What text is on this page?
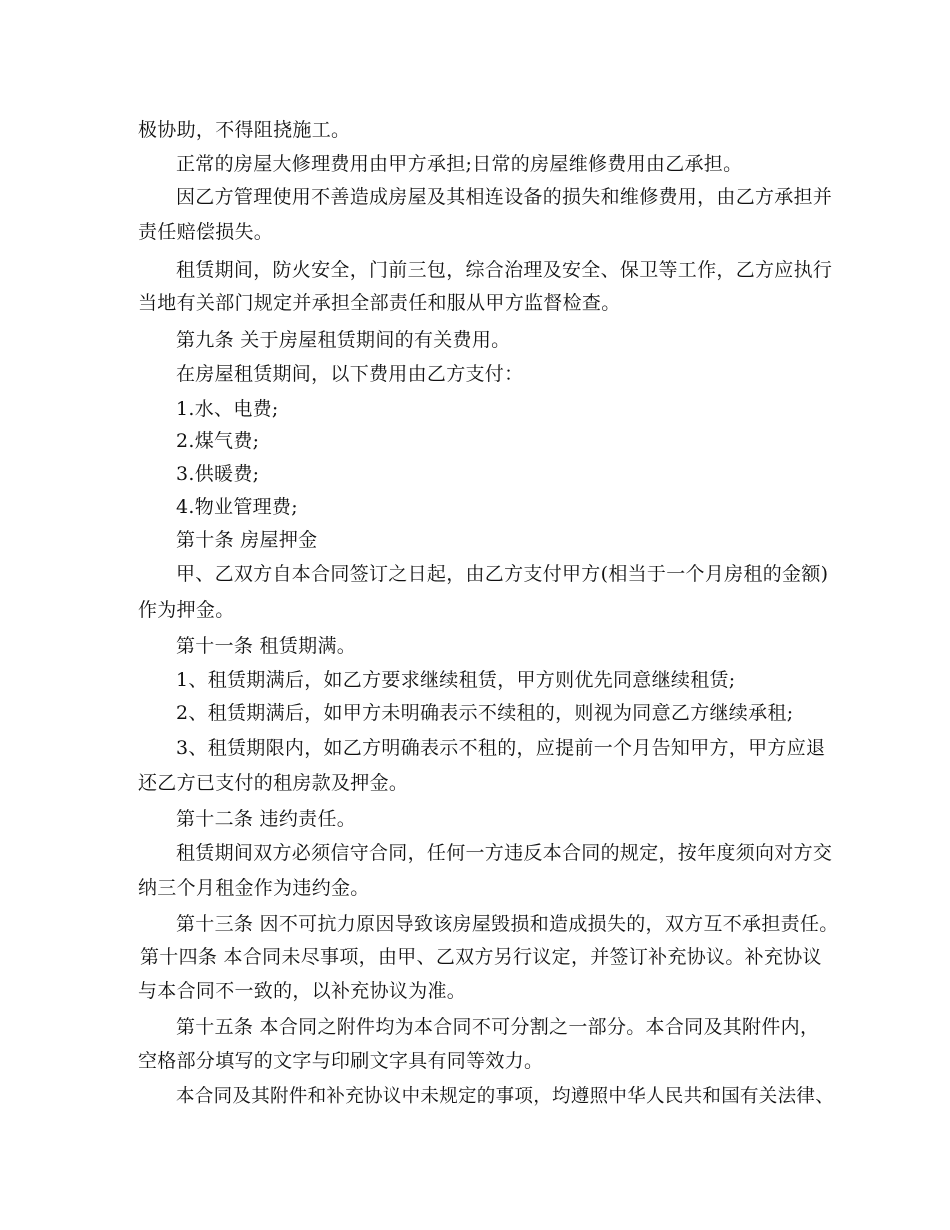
极协助，不得阻挠施工。
正常的房屋大修理费用由甲方承担;日常的房屋维修费用由乙承担。
因乙方管理使用不善造成房屋及其相连设备的损失和维修费用，由乙方承担并
责任赔偿损失。
租赁期间，防火安全，门前三包，综合治理及安全、保卫等工作，乙方应执行
当地有关部门规定并承担全部责任和服从甲方监督检查。
第九条 关于房屋租赁期间的有关费用。
在房屋租赁期间，以下费用由乙方支付：
1.水、电费;
2.煤气费;
3.供暖费;
4.物业管理费;
第十条 房屋押金
甲、乙双方自本合同签订之日起，由乙方支付甲方(相当于一个月房租的金额)
作为押金。
第十一条 租赁期满。
1、租赁期满后，如乙方要求继续租赁，甲方则优先同意继续租赁;
2、租赁期满后，如甲方未明确表示不续租的，则视为同意乙方继续承租;
3、租赁期限内，如乙方明确表示不租的，应提前一个月告知甲方，甲方应退
还乙方已支付的租房款及押金。
第十二条 违约责任。
租赁期间双方必须信守合同，任何一方违反本合同的规定，按年度须向对方交
纳三个月租金作为违约金。
第十三条 因不可抗力原因导致该房屋毁损和造成损失的，双方互不承担责任。
第十四条 本合同未尽事项，由甲、乙双方另行议定，并签订补充协议。补充协议
与本合同不一致的，以补充协议为准。
第十五条 本合同之附件均为本合同不可分割之一部分。本合同及其附件内，
空格部分填写的文字与印刷文字具有同等效力。
本合同及其附件和补充协议中未规定的事项，均遵照中华人民共和国有关法律、
